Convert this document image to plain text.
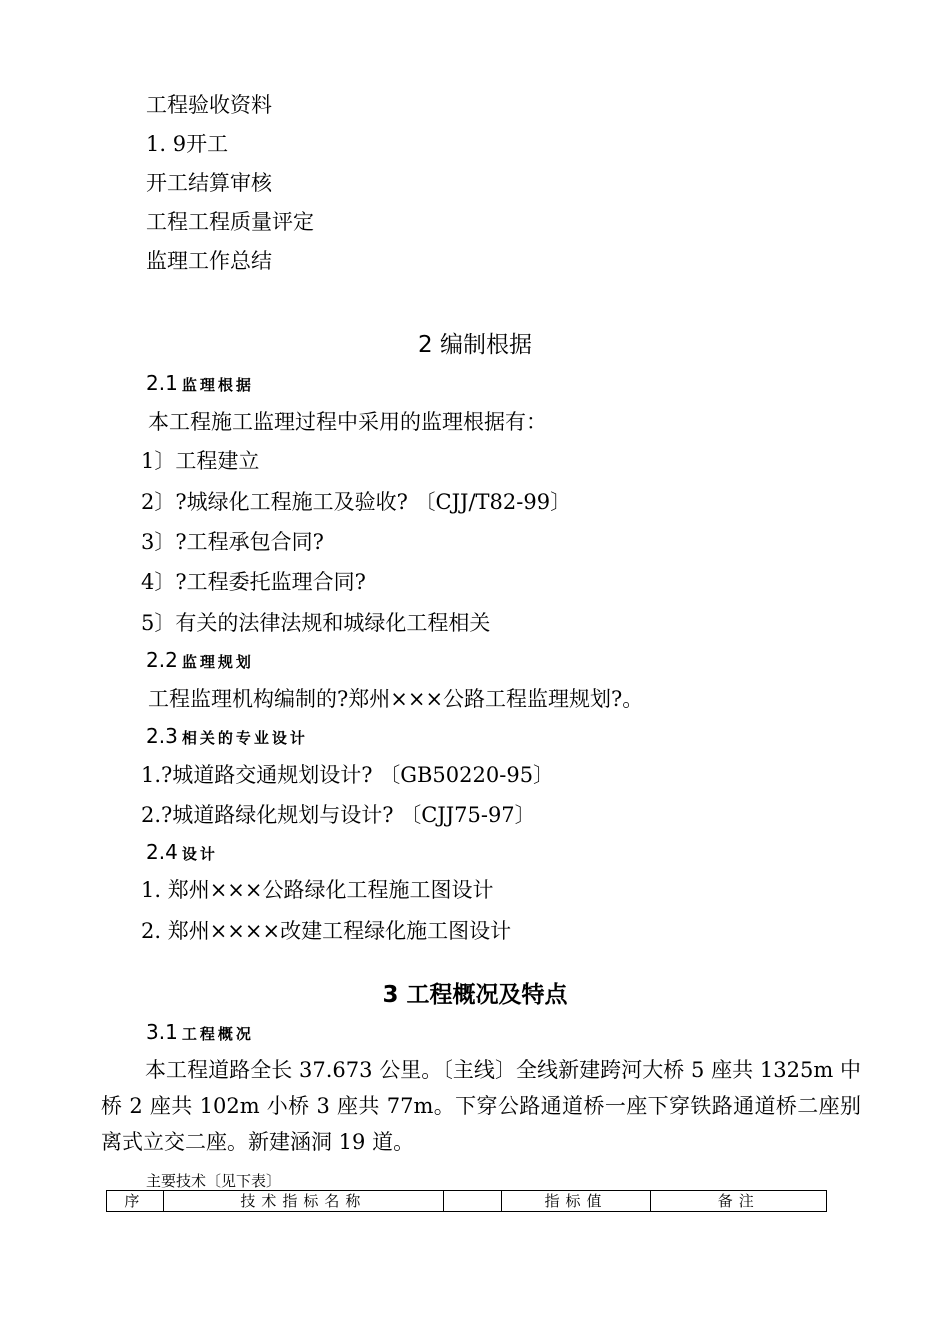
工程验收资料
1. 9开工
开工结算审核
工程工程质量评定
监理工作总结
2 编制根据
2.1 监理根据
本工程施工监理过程中采用的监理根据有：
1〕工程建立
2〕?城绿化工程施工及验收? 〔CJJ/T82-99〕
3〕?工程承包合同?
4〕?工程委托监理合同?
5〕有关的法律法规和城绿化工程相关
2.2 监理规划
工程监理机构编制的?郑州×××公路工程监理规划?。
2.3 相关的专业设计
1.?城道路交通规划设计? 〔GB50220-95〕
2.?城道路绿化规划与设计? 〔CJJ75-97〕
2.4 设计
1. 郑州×××公路绿化工程施工图设计
2. 郑州××××改建工程绿化施工图设计
3 工程概况及特点
3.1 工程概况
本工程道路全长 37.673 公里。〔主线〕全线新建跨河大桥 5 座共 1325m 中桥 2 座共 102m 小桥 3 座共 77m。下穿公路通道桥一座下穿铁路通道桥二座别离式立交二座。新建涵洞 19 道。
主要技术〔见下表〕
序	技术指标名称		指标值	备注
